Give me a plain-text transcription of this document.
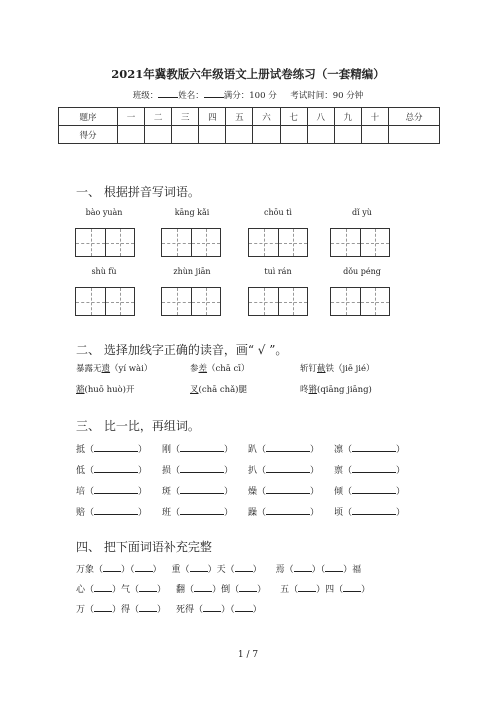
2021年冀教版六年级语文上册试卷练习（一套精编）
班级： 姓名： 满分：100 分 考试时间：90 分钟
题序	一	二	三	四	五	六	七	八	九	十	总分
得分											
一、 根据拼音写词语。
bào yuàn	kāng kǎi	chōu tì	dǐ yù
shù fù	zhùn jiān	tuì rán	dǒu péng
二、 选择加线字正确的读音，画“ √ ”。
暴露无遗（yí wài）	参差（chā cī）	斩钉截铁（jiē jié）
豁(huō huò)开	叉(chā chǎ)腿	咚锵(qiāng jiāng)
三、 比一比，再组词。
抵（	） 刚（	） 趴（	） 凛（	）
低（	） 损（	） 扒（	） 禀（	）
培（	） 斑（	） 燥（	） 倾（	）
赔（	） 班（	） 躁（	） 顷（	）
四、 把下面词语补充完整
万象（ ）（ ） 重（ ）天（ ） 焉（ ）（ ）福
心（ ）气（ ） 翻（ ）倒（ ） 五（ ）四（ ）
万（ ）得（ ） 死得（ ）（ ）
1 / 7
